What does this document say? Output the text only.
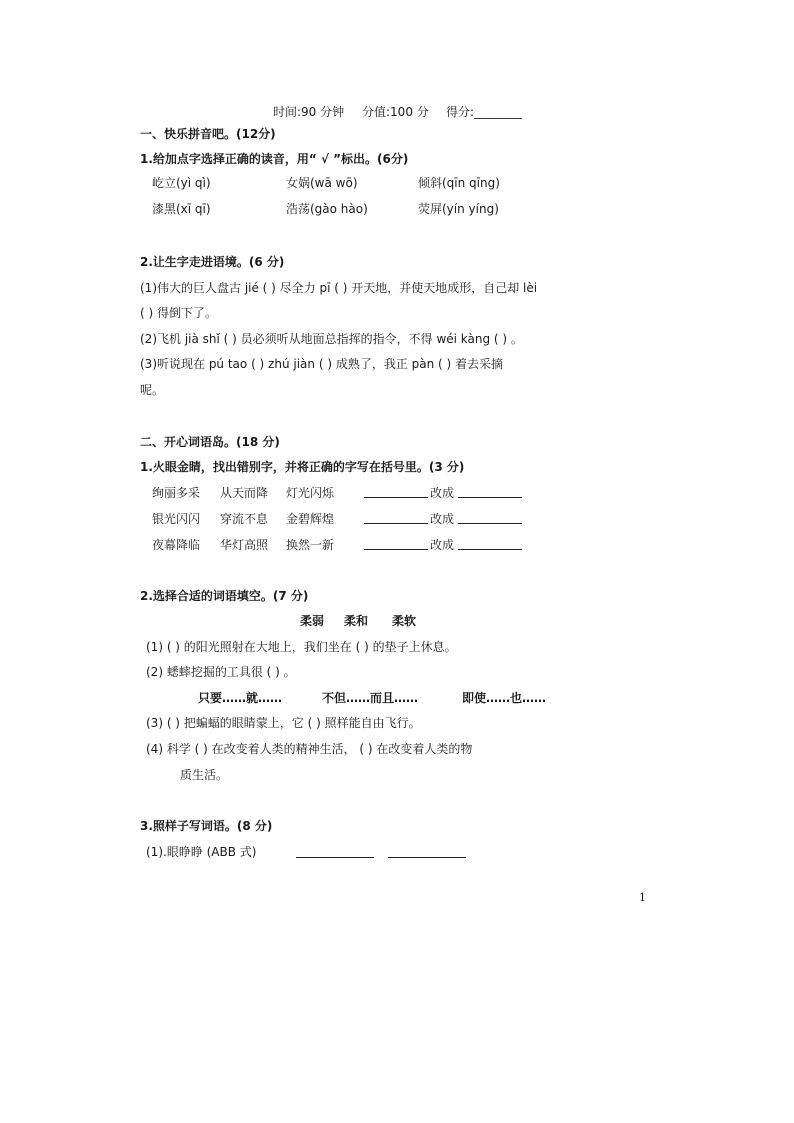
时间:90 分钟 分值:100 分 得分:________
一、快乐拼音吧。(12分)
1.给加点字选择正确的读音，用“ √ ”标出。(6分)
屹立(yì qì)	女娲(wā wō)	倾斜(qīn qīng)
漆黑(xī qī)	浩荡(gào hào)	荧屏(yín yíng)
2.让生字走进语境。(6 分)
(1)伟大的巨人盘古 jié ( ) 尽全力 pī ( ) 开天地，并使天地成形，自己却 lèi
( ) 得倒下了。
(2)飞机 jià shǐ ( ) 员必须听从地面总指挥的指令，不得 wéi kàng ( ) 。
(3)听说现在 pú tao ( ) zhú jiàn ( ) 成熟了，我正 pàn ( ) 着去采摘
呢。
二、开心词语岛。(18 分)
1.火眼金睛，找出错别字，并将正确的字写在括号里。(3 分)
绚丽多采 从天而降 灯光闪烁	改成
银光闪闪 穿流不息 金碧辉煌	改成
夜幕降临 华灯高照 换然一新	改成
2.选择合适的词语填空。(7 分)
柔弱 柔和 柔软
(1) ( ) 的阳光照射在大地上，我们坐在 ( ) 的垫子上休息。
(2) 蟋蟀挖掘的工具很 ( ) 。
只要……就……	不但……而且……	即使……也……
(3) ( ) 把蝙蝠的眼睛蒙上，它 ( ) 照样能自由飞行。
(4) 科学 ( ) 在改变着人类的精神生活， ( ) 在改变着人类的物
质生活。
3.照样子写词语。(8 分)
(1).眼睁睁 (ABB 式)
1
